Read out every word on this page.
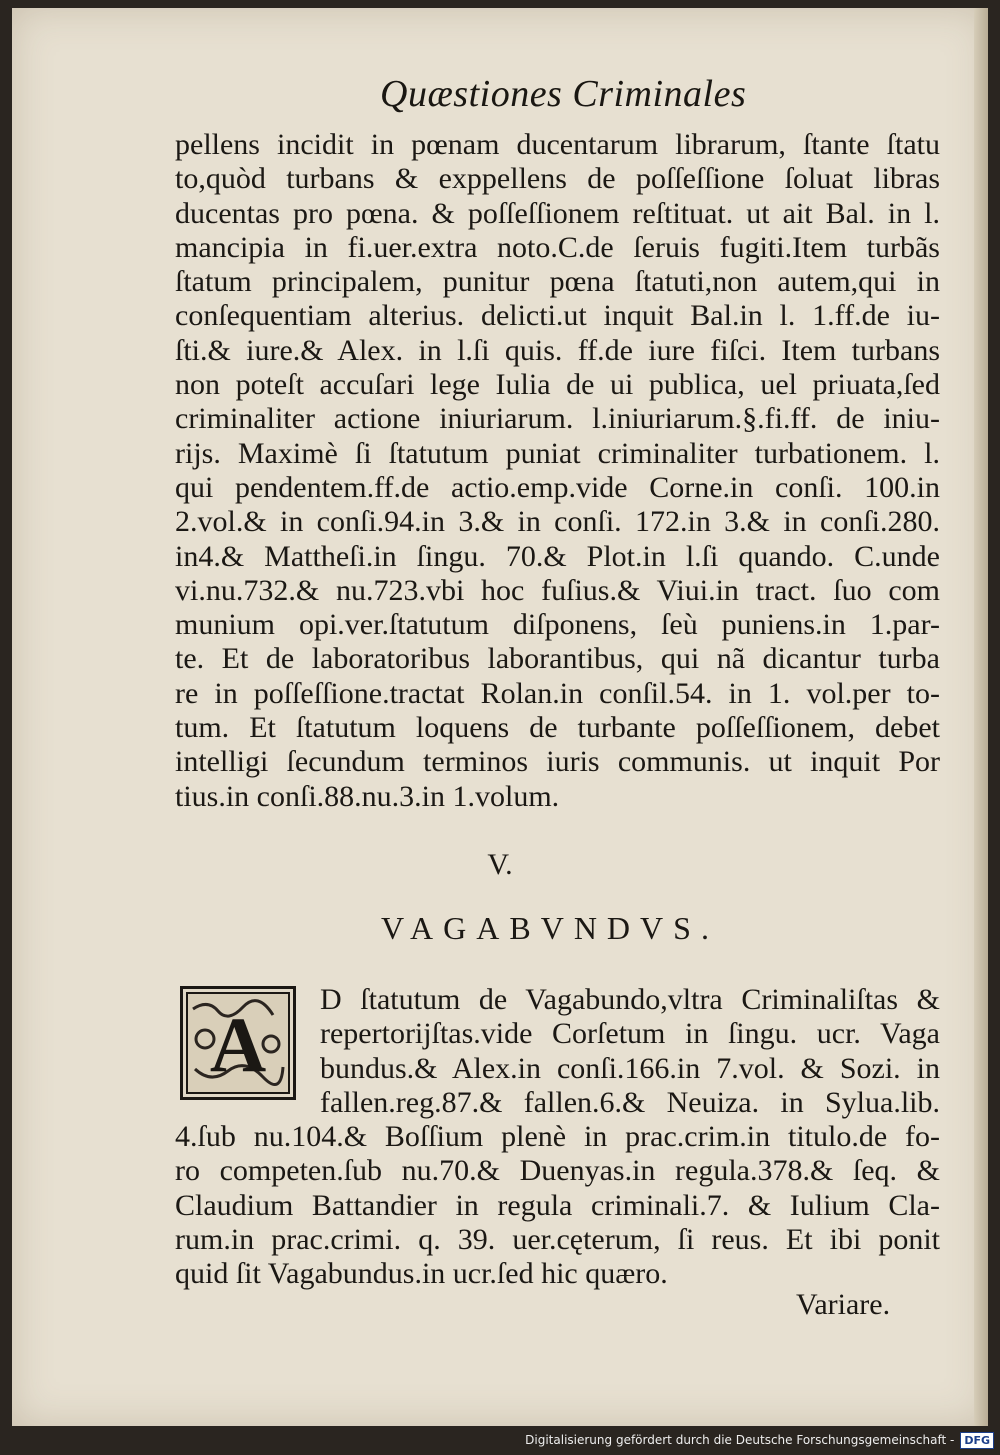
Quæstiones Criminales
pellens incidit in pœnam ducentarum librarum, ſtante ſtatu
to,quòd turbans & exppellens de poſſeſſione ſoluat libras
ducentas pro pœna. & poſſeſſionem reſtituat. ut ait Bal. in l.
mancipia in fi.uer.extra noto.C.de ſeruis fugiti.Item turbãs
ſtatum principalem, punitur pœna ſtatuti,non autem,qui in
conſequentiam alterius. delicti.ut inquit Bal.in l. 1.ff.de iu-
ſti.& iure.& Alex. in l.ſi quis. ff.de iure fiſci. Item turbans
non poteſt accuſari lege Iulia de ui publica, uel priuata,ſed
criminaliter actione iniuriarum. l.iniuriarum.§.fi.ff. de iniu-
rijs. Maximè ſi ſtatutum puniat criminaliter turbationem. l.
qui pendentem.ff.de actio.emp.vide Corne.in conſi. 100.in
2.vol.& in conſi.94.in 3.& in conſi. 172.in 3.& in conſi.280.
in4.& Mattheſi.in ſingu. 70.& Plot.in l.ſi quando. C.unde
vi.nu.732.& nu.723.vbi hoc fuſius.& Viui.in tract. ſuo com
munium opi.ver.ſtatutum diſponens, ſeù puniens.in 1.par-
te. Et de laboratoribus laborantibus, qui nã dicantur turba
re in poſſeſſione.tractat Rolan.in conſil.54. in 1. vol.per to-
tum. Et ſtatutum loquens de turbante poſſeſſionem, debet
intelligi ſecundum terminos iuris communis. ut inquit Por
tius.in conſi.88.nu.3.in 1.volum.
V.
VAGABVNDVS.
A
D ſtatutum de Vagabundo,vltra Criminaliſtas &
repertorijſtas.vide Corſetum in ſingu. ucr. Vaga
bundus.& Alex.in conſi.166.in 7.vol. & Sozi. in
fallen.reg.87.& fallen.6.& Neuiza. in Sylua.lib.
4.ſub nu.104.& Boſſium plenè in prac.crim.in titulo.de fo-
ro competen.ſub nu.70.& Duenyas.in regula.378.& ſeq. &
Claudium Battandier in regula criminali.7. & Iulium Cla-
rum.in prac.crimi. q. 39. uer.cęterum, ſi reus. Et ibi ponit
quid ſit Vagabundus.in ucr.ſed hic quæro.
Variare.
Digitalisierung gefördert durch die Deutsche Forschungsgemeinschaft - DFG
